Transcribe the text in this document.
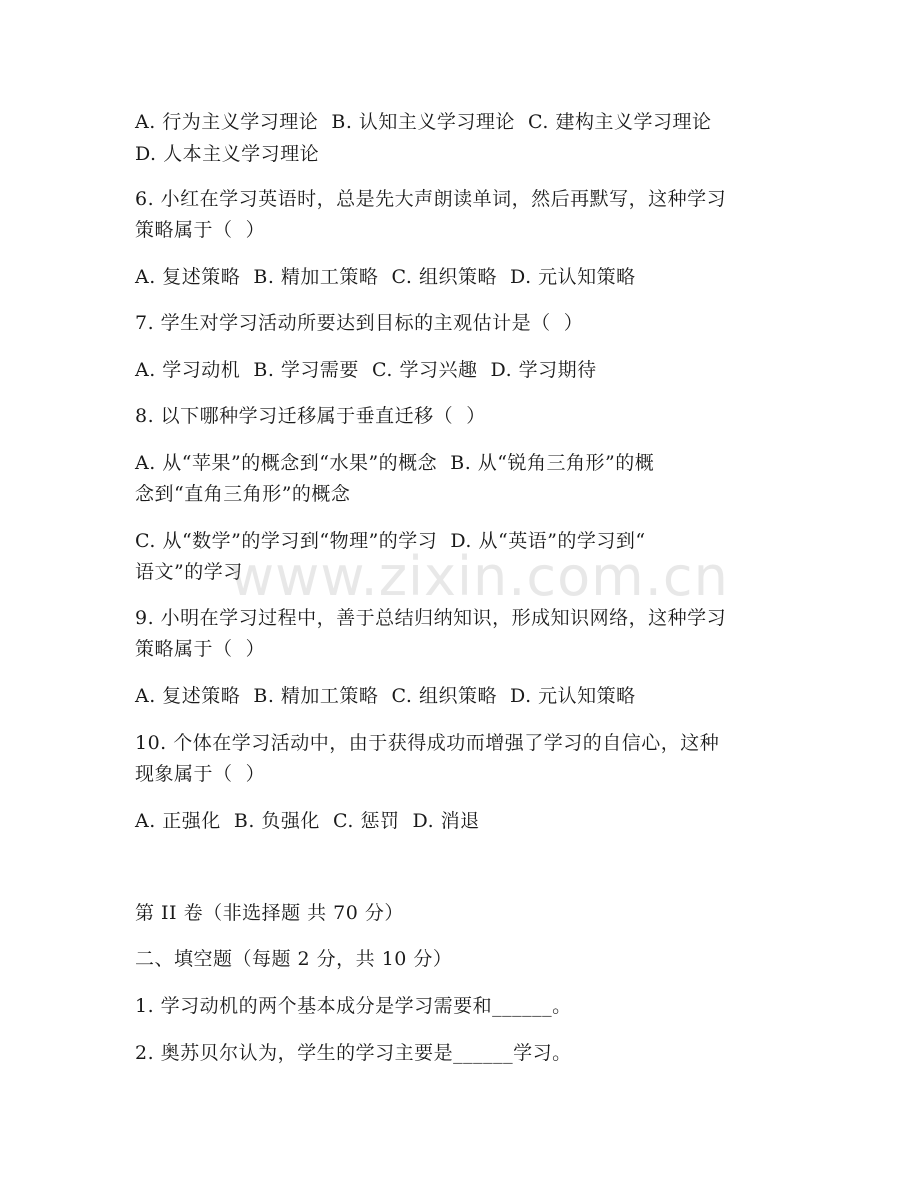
A. 行为主义学习理论  B. 认知主义学习理论  C. 建构主义学习理论
D. 人本主义学习理论
6. 小红在学习英语时，总是先大声朗读单词，然后再默写，这种学习
策略属于（  ）
A. 复述策略  B. 精加工策略  C. 组织策略  D. 元认知策略
7. 学生对学习活动所要达到目标的主观估计是（  ）
A. 学习动机  B. 学习需要  C. 学习兴趣  D. 学习期待
8. 以下哪种学习迁移属于垂直迁移（  ）
A. 从“苹果”的概念到“水果”的概念  B. 从“锐角三角形”的概
念到“直角三角形”的概念
C. 从“数学”的学习到“物理”的学习  D. 从“英语”的学习到“
语文”的学习
9. 小明在学习过程中，善于总结归纳知识，形成知识网络，这种学习
策略属于（  ）
A. 复述策略  B. 精加工策略  C. 组织策略  D. 元认知策略
10. 个体在学习活动中，由于获得成功而增强了学习的自信心，这种
现象属于（  ）
A. 正强化  B. 负强化  C. 惩罚  D. 消退
第 II 卷（非选择题 共 70 分）
二、填空题（每题 2 分，共 10 分）
1. 学习动机的两个基本成分是学习需要和______。
2. 奥苏贝尔认为，学生的学习主要是______学习。
www.zixin.com.cn
